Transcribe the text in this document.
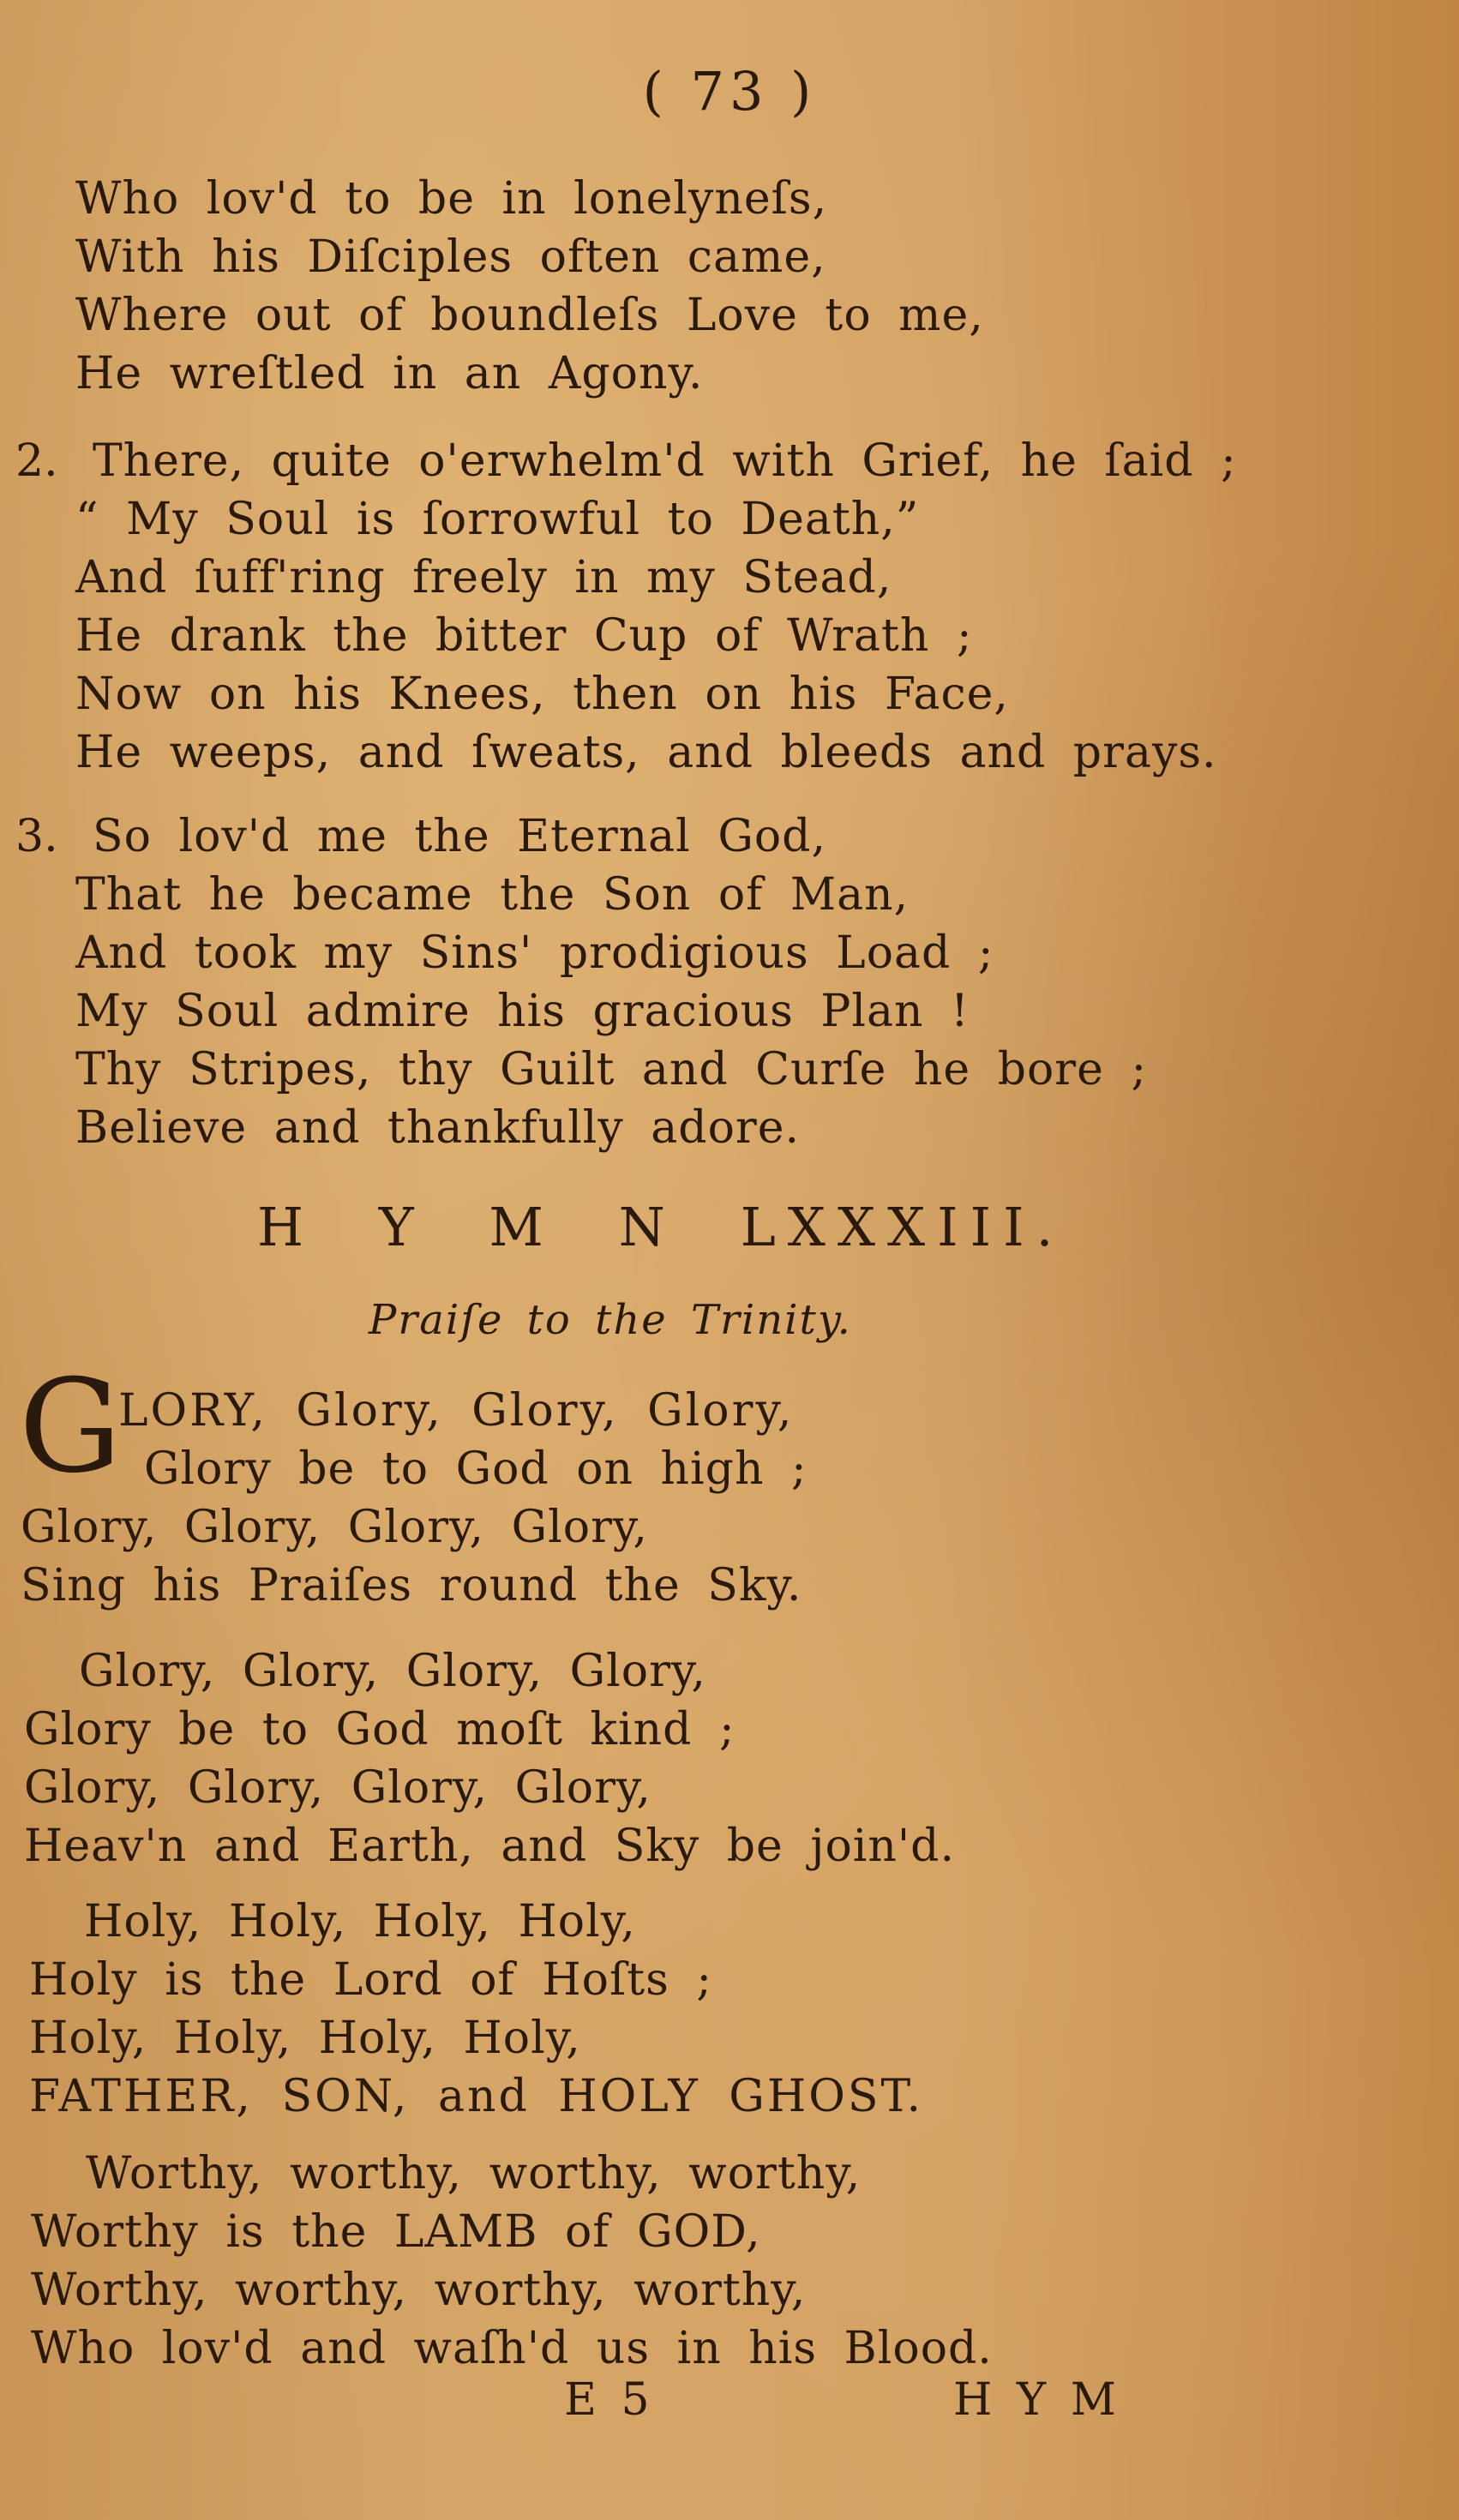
( 73 )
Who lov'd to be in lonelyneſs,
With his Diſciples often came,
Where out of boundleſs Love to me,
He wreſtled in an Agony.
2. There, quite o'erwhelm'd with Grief, he ſaid ;
“ My Soul is ſorrowful to Death,”
And ſuff'ring freely in my Stead,
He drank the bitter Cup of Wrath ;
Now on his Knees, then on his Face,
He weeps, and ſweats, and bleeds and prays.
3. So lov'd me the Eternal God,
That he became the Son of Man,
And took my Sins' prodigious Load ;
My Soul admire his gracious Plan !
Thy Stripes, thy Guilt and Curſe he bore ;
Believe and thankfully adore.
H Y M N LXXXIII.
Praiſe to the Trinity.
G
LORY, Glory, Glory, Glory,
Glory be to God on high ;
Glory, Glory, Glory, Glory,
Sing his Praiſes round the Sky.
Glory, Glory, Glory, Glory,
Glory be to God moſt kind ;
Glory, Glory, Glory, Glory,
Heav'n and Earth, and Sky be join'd.
Holy, Holy, Holy, Holy,
Holy is the Lord of Hoſts ;
Holy, Holy, Holy, Holy,
FATHER, SON, and HOLY GHOST.
Worthy, worthy, worthy, worthy,
Worthy is the LAMB of GOD,
Worthy, worthy, worthy, worthy,
Who lov'd and waſh'd us in his Blood.
E 5	H Y M
